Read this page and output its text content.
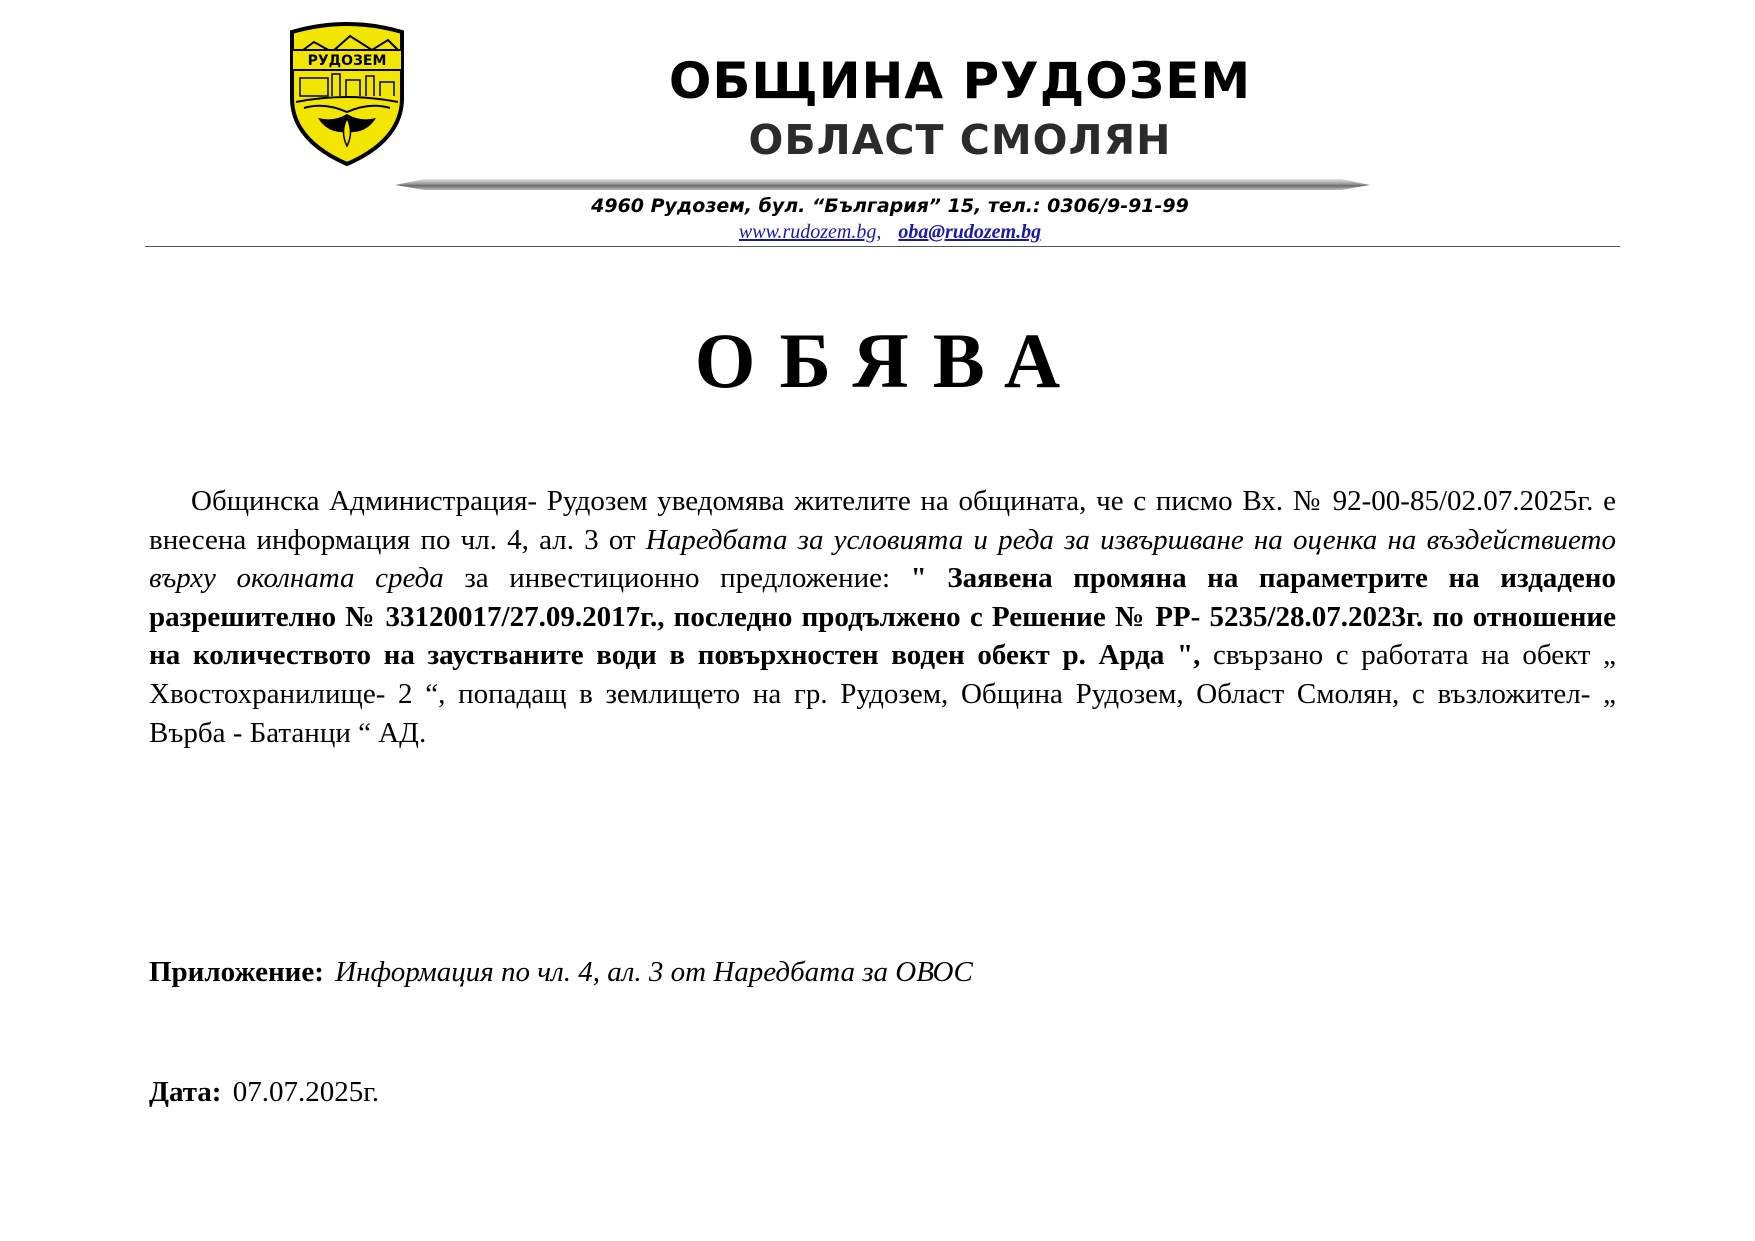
РУДОЗЕМ	ОБЩИНА РУДОЗЕМ
ОБЛАСТ СМОЛЯН
4960 Рудозем, бул. “България” 15, тел.: 0306/9-91-99
www.rudozem.bg, oba@rudozem.bg
ОБЯВА
Общинска Администрация- Рудозем уведомява жителите на общината, че с писмо Вх. № 92-00-85/02.07.2025г. е внесена информация по чл. 4, ал. 3 от Наредбата за условията и реда за извършване на оценка на въздействието върху околната среда за инвестиционно предложение: " Заявена промяна на параметрите на издадено разрешително № 33120017/27.09.2017г., последно продължено с Решение № РР- 5235/28.07.2023г. по отношение на количеството на заустваните води в повърхностен воден обект р. Арда ", свързано с работата на обект „ Хвостохранилище- 2 “, попадащ в землището на гр. Рудозем, Община Рудозем, Област Смолян, с възложител- „ Върба - Батанци “ АД.
Приложение: Информация по чл. 4, ал. 3 от Наредбата за ОВОС
Дата: 07.07.2025г.
